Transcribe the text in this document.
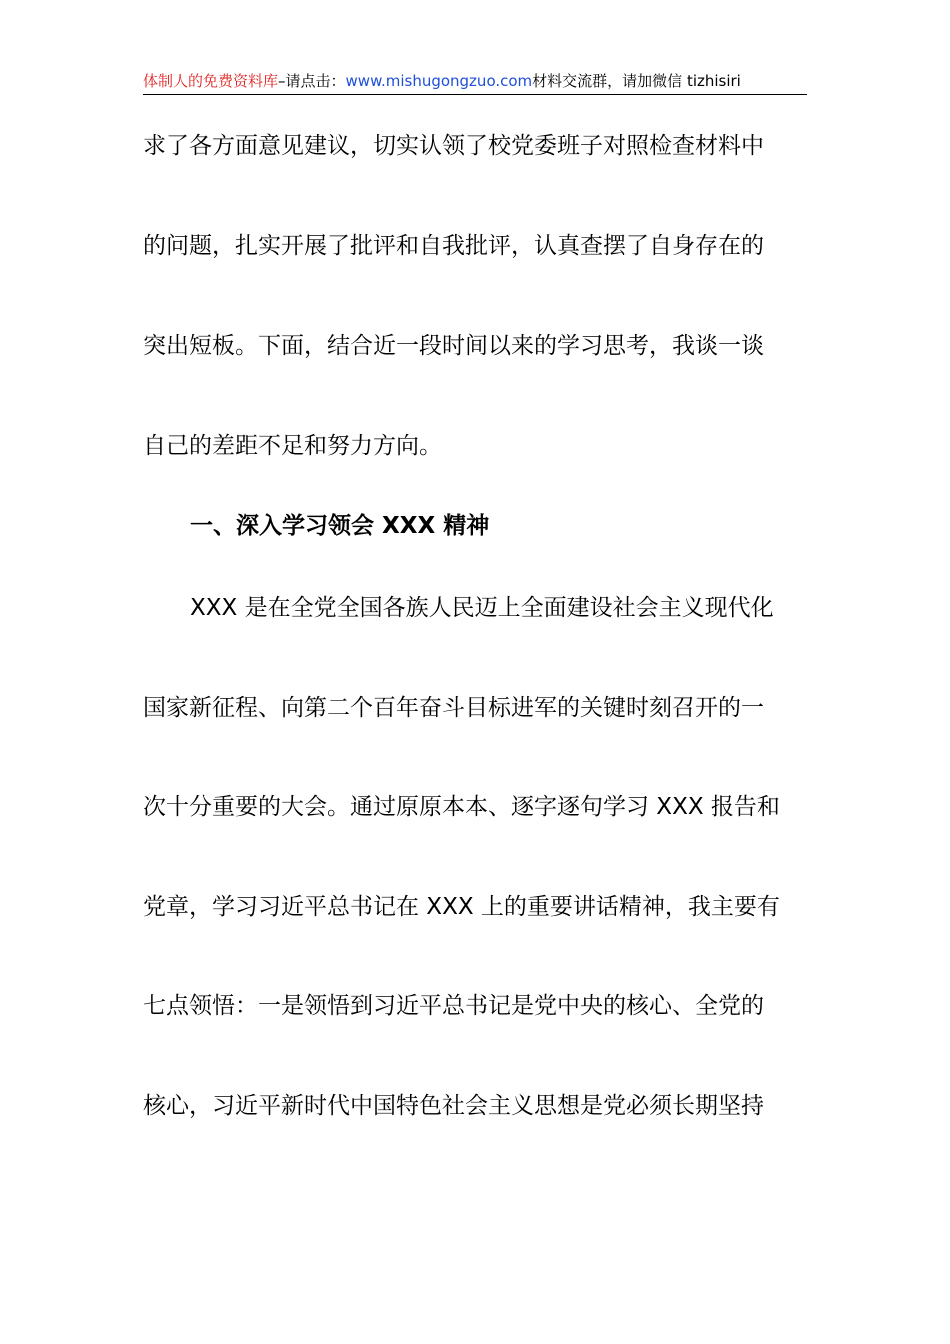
体制人的免费资料库–请点击：www.mishugongzuo.com材料交流群，请加微信 tizhisiri
求了各方面意见建议，切实认领了校党委班子对照检查材料中
的问题，扎实开展了批评和自我批评，认真查摆了自身存在的
突出短板。下面，结合近一段时间以来的学习思考，我谈一谈
自己的差距不足和努力方向。
一、深入学习领会 XXX 精神
XXX 是在全党全国各族人民迈上全面建设社会主义现代化
国家新征程、向第二个百年奋斗目标进军的关键时刻召开的一
次十分重要的大会。通过原原本本、逐字逐句学习 XXX 报告和
党章，学习习近平总书记在 XXX 上的重要讲话精神，我主要有
七点领悟：一是领悟到习近平总书记是党中央的核心、全党的
核心，习近平新时代中国特色社会主义思想是党必须长期坚持
